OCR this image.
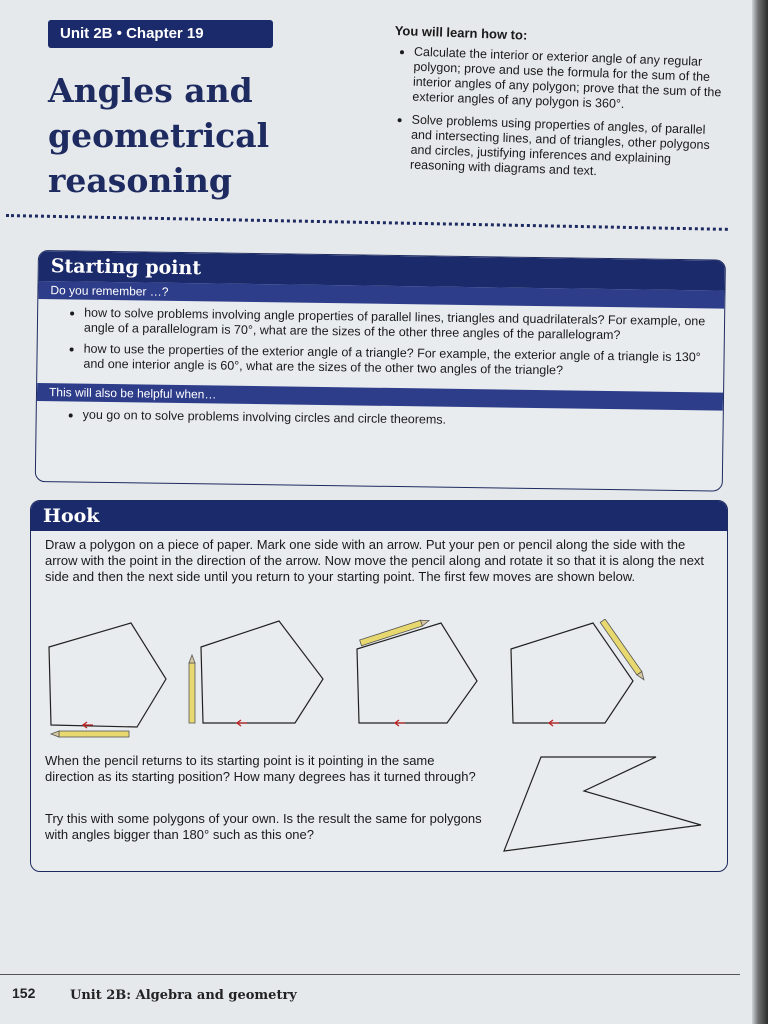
Unit 2B • Chapter 19
Angles and
geometrical
reasoning
You will learn how to:
• Calculate the interior or exterior angle of any regular polygon; prove and use the formula for the sum of the interior angles of any polygon; prove that the sum of the exterior angles of any polygon is 360°.
• Solve problems using properties of angles, of parallel and intersecting lines, and of triangles, other polygons and circles, justifying inferences and explaining reasoning with diagrams and text.
Starting point
Do you remember …?
• how to solve problems involving angle properties of parallel lines, triangles and quadrilaterals? For example, one angle of a parallelogram is 70°, what are the sizes of the other three angles of the parallelogram?
• how to use the properties of the exterior angle of a triangle? For example, the exterior angle of a triangle is 130° and one interior angle is 60°, what are the sizes of the other two angles of the triangle?
This will also be helpful when…
• you go on to solve problems involving circles and circle theorems.
Hook
Draw a polygon on a piece of paper. Mark one side with an arrow. Put your pen or pencil along the side with the arrow with the point in the direction of the arrow. Now move the pencil along and rotate it so that it is along the next side and then the next side until you return to your starting point. The first few moves are shown below.
When the pencil returns to its starting point is it pointing in the same direction as its starting position? How many degrees has it turned through?
Try this with some polygons of your own. Is the result the same for polygons with angles bigger than 180° such as this one?
152	Unit 2B: Algebra and geometry
